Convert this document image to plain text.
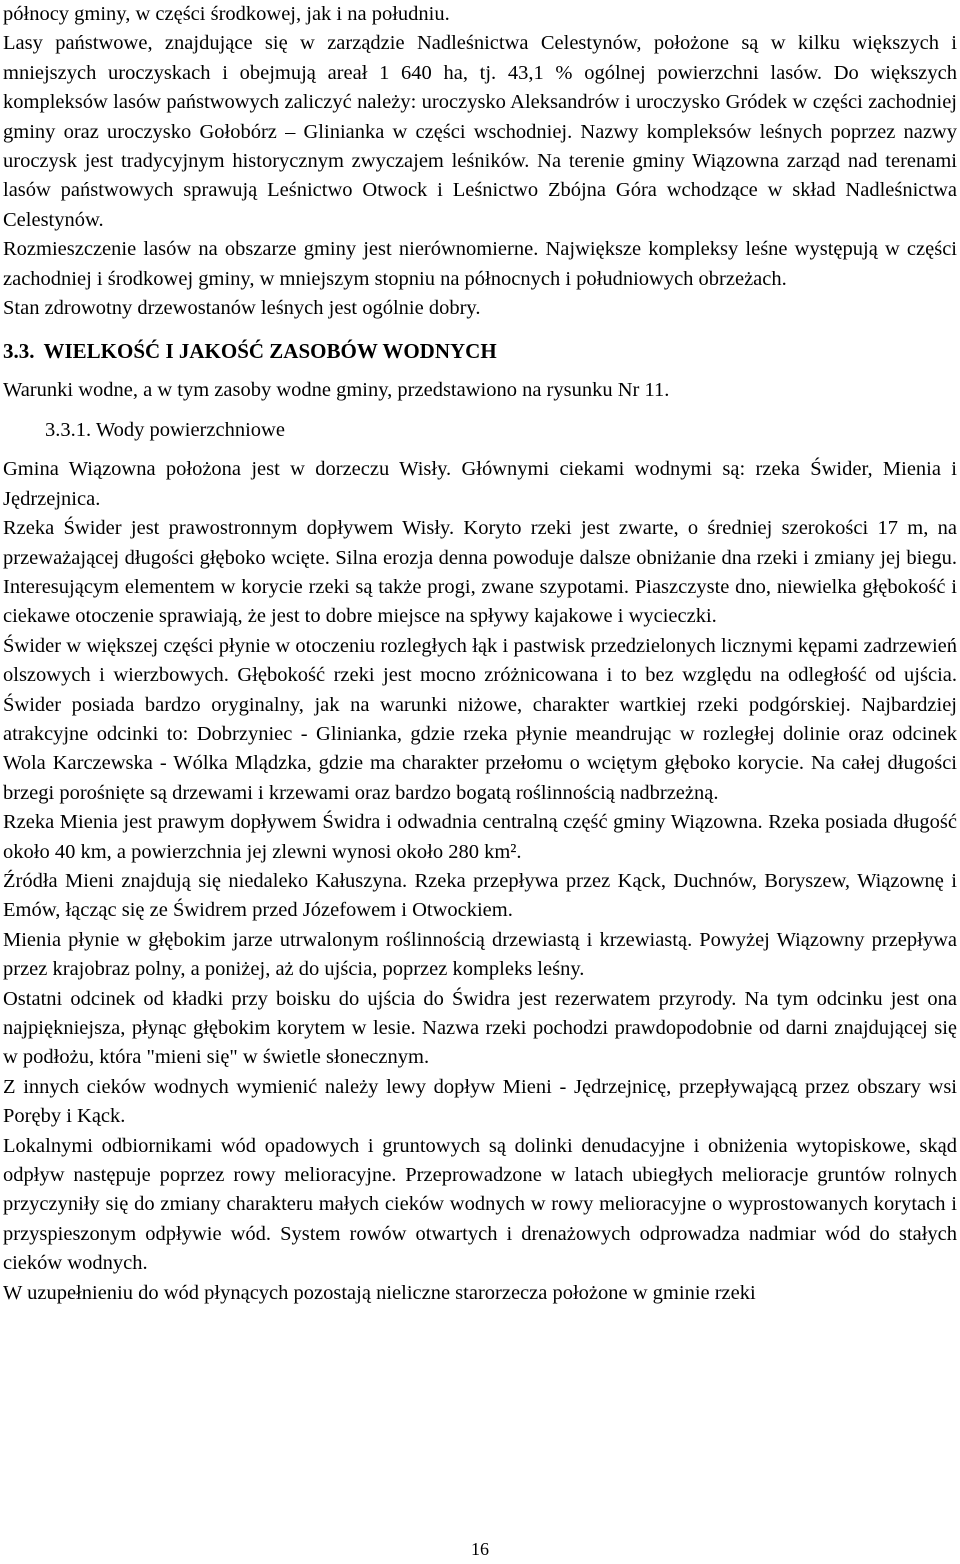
północy gminy, w części środkowej, jak i na południu.

Lasy państwowe, znajdujące się w zarządzie Nadleśnictwa Celestynów, położone są w kilku większych i mniejszych uroczyskach i obejmują areał 1 640 ha, tj. 43,1 % ogólnej powierzchni lasów. Do większych kompleksów lasów państwowych zaliczyć należy: uroczysko Aleksandrów i uroczysko Gródek w części zachodniej gminy oraz uroczysko Gołobórz – Glinianka w części wschodniej. Nazwy kompleksów leśnych poprzez nazwy uroczysk jest tradycyjnym historycznym zwyczajem leśników. Na terenie gminy Wiązowna zarząd nad terenami lasów państwowych sprawują Leśnictwo Otwock i Leśnictwo Zbójna Góra wchodzące w skład Nadleśnictwa Celestynów.

Rozmieszczenie lasów na obszarze gminy jest nierównomierne. Największe kompleksy leśne występują w części zachodniej i środkowej gminy, w mniejszym stopniu na północnych i południowych obrzeżach.

Stan zdrowotny drzewostanów leśnych jest ogólnie dobry.

3.3. WIELKOŚĆ I JAKOŚĆ ZASOBÓW WODNYCH
Warunki wodne, a w tym zasoby wodne gminy, przedstawiono na rysunku Nr 11.
3.3.1. Wody powierzchniowe

Gmina Wiązowna położona jest w dorzeczu Wisły. Głównymi ciekami wodnymi są: rzeka Świder, Mienia i Jędrzejnica.

Rzeka Świder jest prawostronnym dopływem Wisły. Koryto rzeki jest zwarte, o średniej szerokości 17 m, na przeważającej długości głęboko wcięte. Silna erozja denna powoduje dalsze obniżanie dna rzeki i zmiany jej biegu. Interesującym elementem w korycie rzeki są także progi, zwane szypotami. Piaszczyste dno, niewielka głębokość i ciekawe otoczenie sprawiają, że jest to dobre miejsce na spływy kajakowe i wycieczki.

Świder w większej części płynie w otoczeniu rozległych łąk i pastwisk przedzielonych licznymi kępami zadrzewień olszowych i wierzbowych. Głębokość rzeki jest mocno zróżnicowana i to bez względu na odległość od ujścia. Świder posiada bardzo oryginalny, jak na warunki niżowe, charakter wartkiej rzeki podgórskiej. Najbardziej atrakcyjne odcinki to: Dobrzyniec - Glinianka, gdzie rzeka płynie meandrując w rozległej dolinie oraz odcinek Wola Karczewska - Wólka Mlądzka, gdzie ma charakter przełomu o wciętym głęboko korycie. Na całej długości brzegi porośnięte są drzewami i krzewami oraz bardzo bogatą roślinnością nadbrzeżną.

Rzeka Mienia jest prawym dopływem Świdra i odwadnia centralną część gminy Wiązowna. Rzeka posiada długość około 40 km, a powierzchnia jej zlewni wynosi około 280 km².

Źródła Mieni znajdują się niedaleko Kałuszyna. Rzeka przepływa przez Kąck, Duchnów, Boryszew, Wiązownę i Emów, łącząc się ze Świdrem przed Józefowem i Otwockiem.

Mienia płynie w głębokim jarze utrwalonym roślinnością drzewiastą i krzewiastą. Powyżej Wiązowny przepływa przez krajobraz polny, a poniżej, aż do ujścia, poprzez kompleks leśny.

Ostatni odcinek od kładki przy boisku do ujścia do Świdra jest rezerwatem przyrody. Na tym odcinku jest ona najpiękniejsza, płynąc głębokim korytem w lesie. Nazwa rzeki pochodzi prawdopodobnie od darni znajdującej się w podłożu, która "mieni się" w świetle słonecznym.

Z innych cieków wodnych wymienić należy lewy dopływ Mieni - Jędrzejnicę, przepływającą przez obszary wsi Poręby i Kąck.

Lokalnymi odbiornikami wód opadowych i gruntowych są dolinki denudacyjne i obniżenia wytopiskowe, skąd odpływ następuje poprzez rowy melioracyjne. Przeprowadzone w latach ubiegłych melioracje gruntów rolnych przyczyniły się do zmiany charakteru małych cieków wodnych w rowy melioracyjne o wyprostowanych korytach i przyspieszonym odpływie wód. System rowów otwartych i drenażowych odprowadza nadmiar wód do stałych cieków wodnych.

W uzupełnieniu do wód płynących pozostają nieliczne starorzecza położone w gminie rzeki

16
